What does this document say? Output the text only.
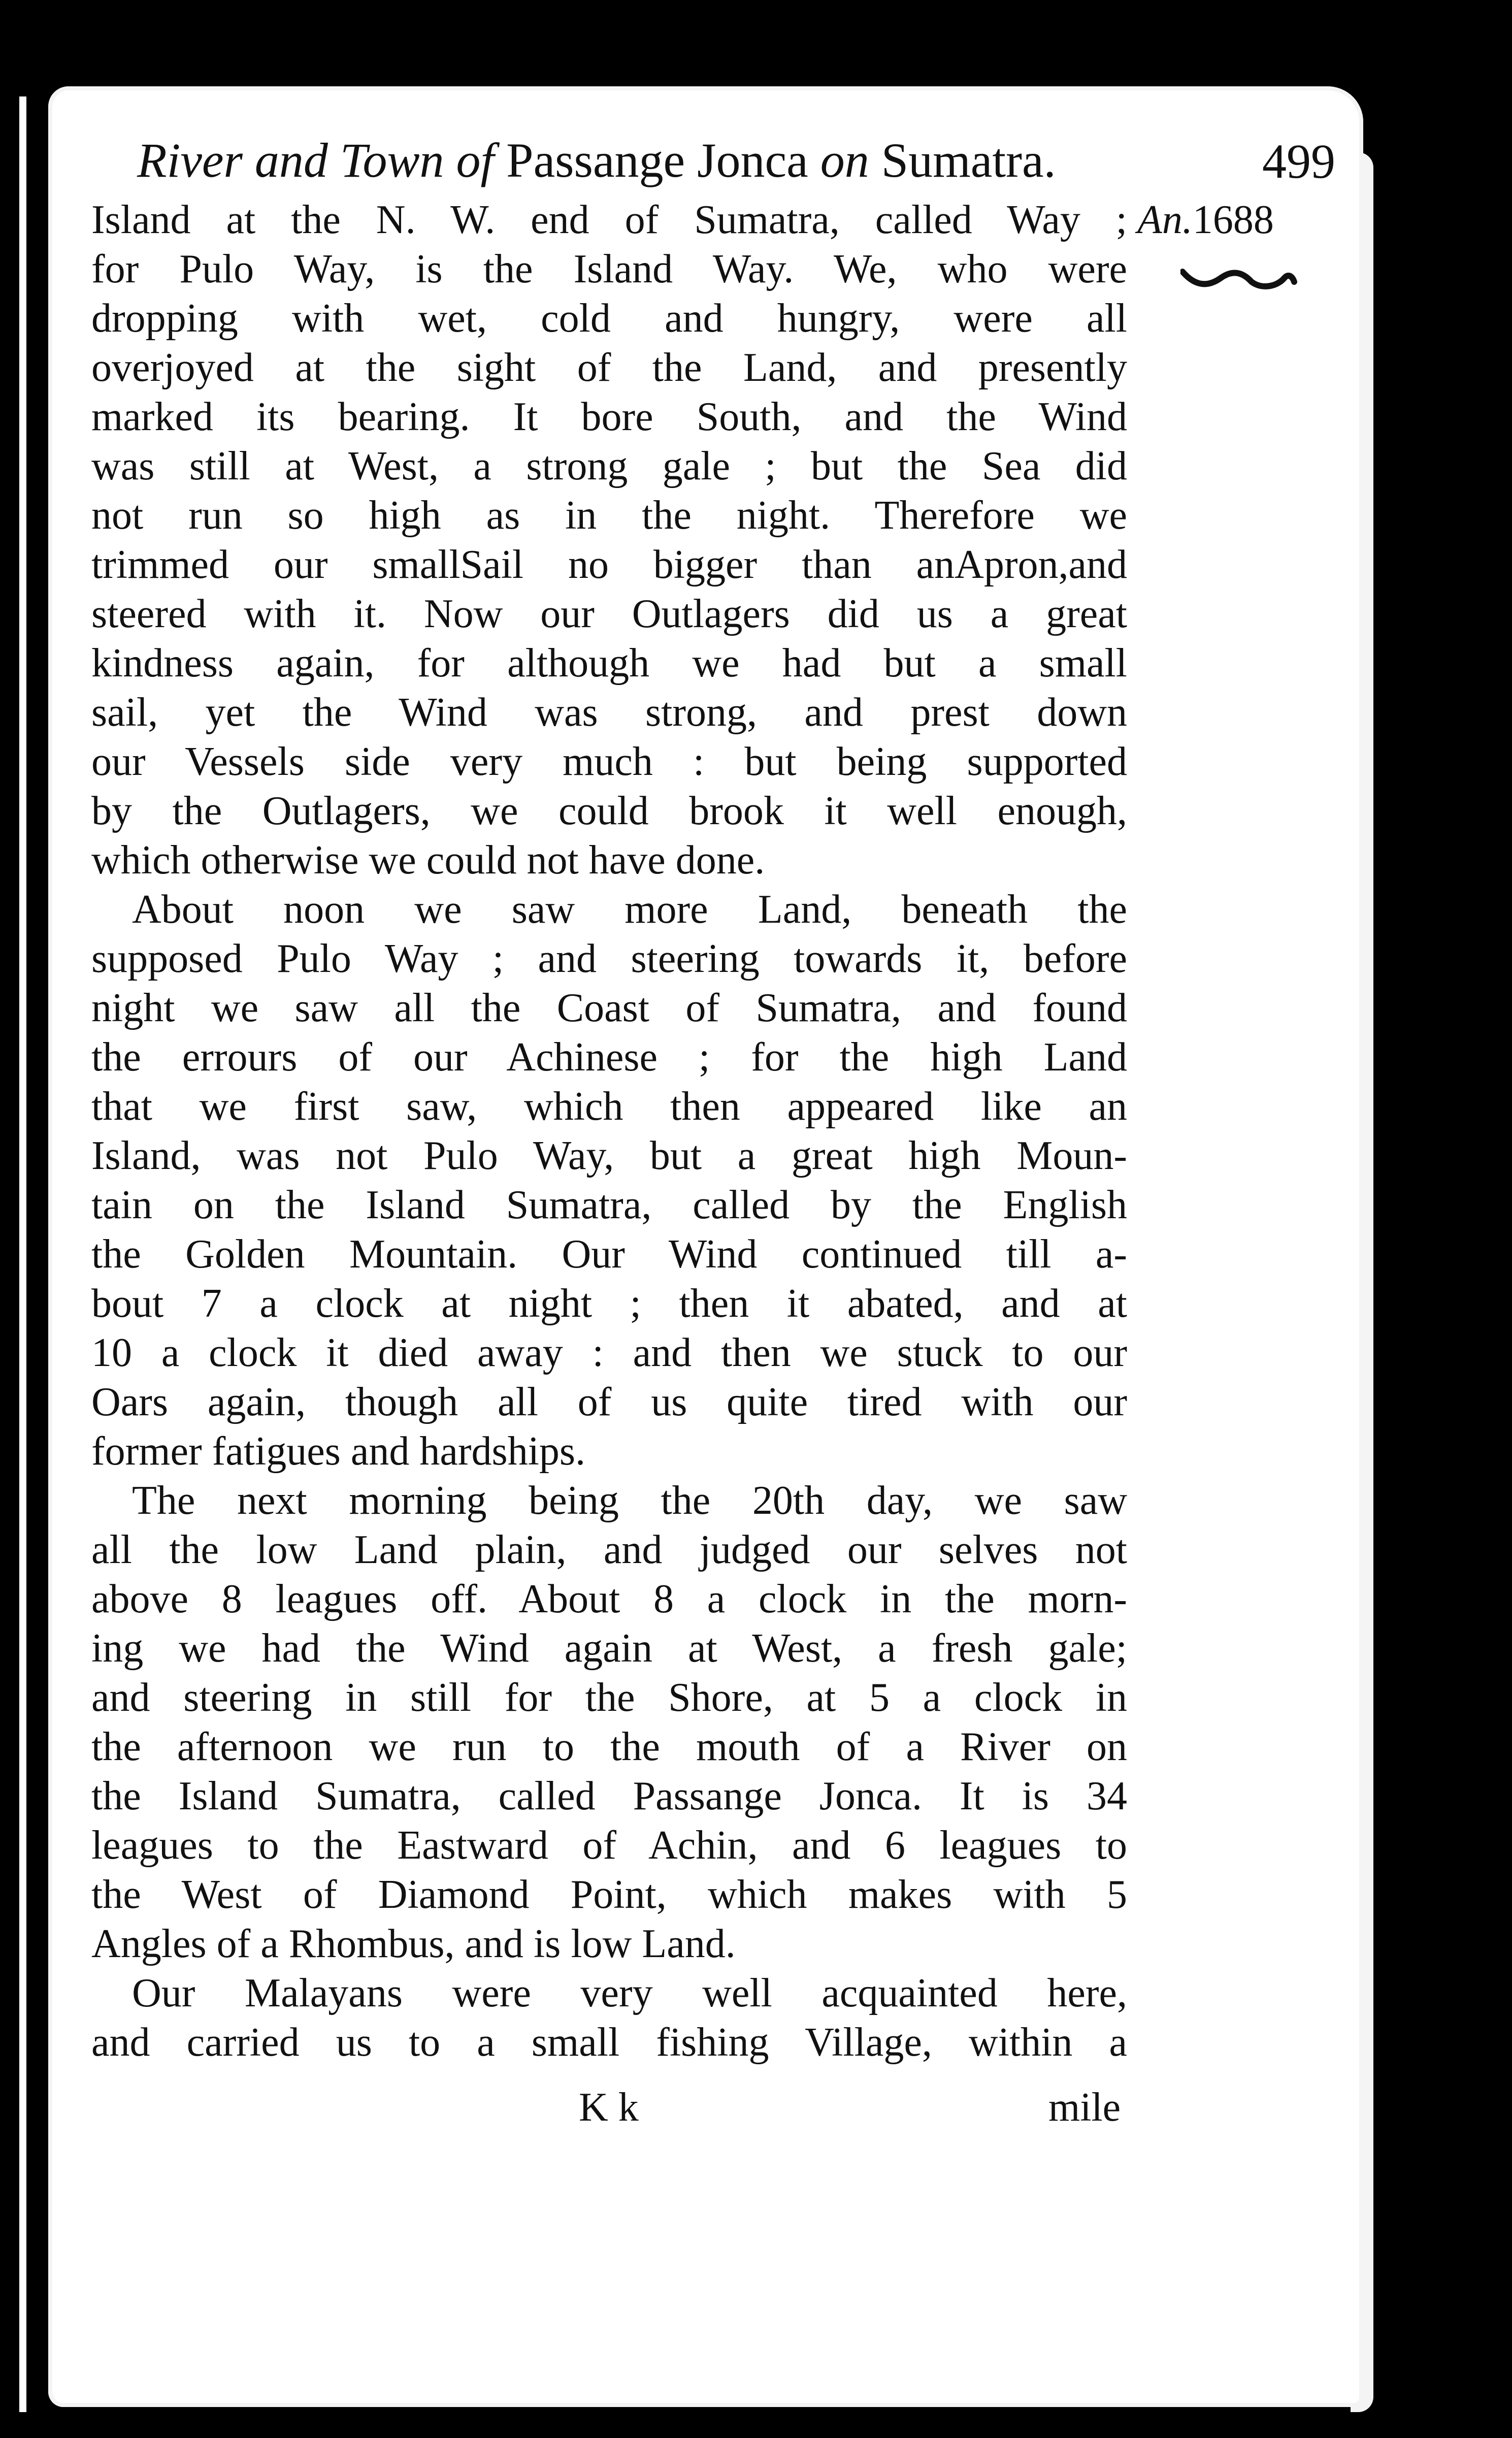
River and Town of Passange Jonca on Sumatra.	499
An.1688
Island at the N. W. end of Sumatra, called Way ;
for Pulo Way, is the Island Way. We, who were
dropping with wet, cold and hungry, were all
overjoyed at the sight of the Land, and presently
marked its bearing. It bore South, and the Wind
was still at West, a strong gale ; but the Sea did
not run so high as in the night. Therefore we
trimmed our smallSail no bigger than anApron,and
steered with it. Now our Outlagers did us a great
kindness again, for although we had but a small
sail, yet the Wind was strong, and prest down
our Vessels side very much : but being supported
by the Outlagers, we could brook it well enough,
which otherwise we could not have done.
About noon we saw more Land, beneath the
supposed Pulo Way ; and steering towards it, before
night we saw all the Coast of Sumatra, and found
the errours of our Achinese ; for the high Land
that we first saw, which then appeared like an
Island, was not Pulo Way, but a great high Moun-
tain on the Island Sumatra, called by the English
the Golden Mountain. Our Wind continued till a-
bout 7 a clock at night ; then it abated, and at
10 a clock it died away : and then we stuck to our
Oars again, though all of us quite tired with our
former fatigues and hardships.
The next morning being the 20th day, we saw
all the low Land plain, and judged our selves not
above 8 leagues off. About 8 a clock in the morn-
ing we had the Wind again at West, a fresh gale;
and steering in still for the Shore, at 5 a clock in
the afternoon we run to the mouth of a River on
the Island Sumatra, called Passange Jonca. It is 34
leagues to the Eastward of Achin, and 6 leagues to
the West of Diamond Point, which makes with 5
Angles of a Rhombus, and is low Land.
Our Malayans were very well acquainted here,
and carried us to a small fishing Village, within a
K k	mile
